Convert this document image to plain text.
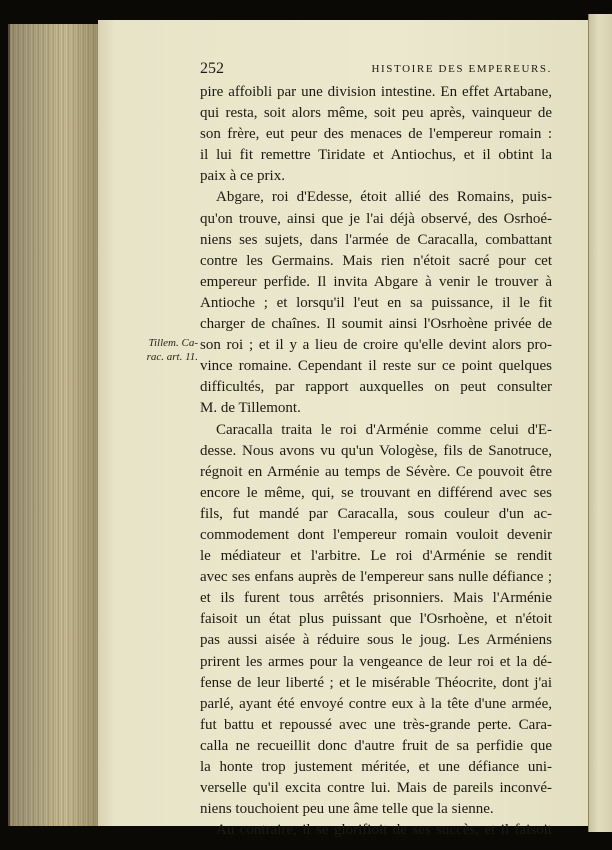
252	HISTOIRE DES EMPEREURS.
Tillem. Ca-
rac. art. 11.
pire affoibli par une division intestine. En effet Artabane,
qui resta, soit alors même, soit peu après, vainqueur de
son frère, eut peur des menaces de l'empereur romain :
il lui fit remettre Tiridate et Antiochus, et il obtint la
paix à ce prix.
Abgare, roi d'Edesse, étoit allié des Romains, puis-
qu'on trouve, ainsi que je l'ai déjà observé, des Osrhoé-
niens ses sujets, dans l'armée de Caracalla, combattant
contre les Germains. Mais rien n'étoit sacré pour cet
empereur perfide. Il invita Abgare à venir le trouver à
Antioche ; et lorsqu'il l'eut en sa puissance, il le fit
charger de chaînes. Il soumit ainsi l'Osrhoène privée de
son roi ; et il y a lieu de croire qu'elle devint alors pro-
vince romaine. Cependant il reste sur ce point quelques
difficultés, par rapport auxquelles on peut consulter
M. de Tillemont.
Caracalla traita le roi d'Arménie comme celui d'E-
desse. Nous avons vu qu'un Vologèse, fils de Sanotruce,
régnoit en Arménie au temps de Sévère. Ce pouvoit être
encore le même, qui, se trouvant en différend avec ses
fils, fut mandé par Caracalla, sous couleur d'un ac-
commodement dont l'empereur romain vouloit devenir
le médiateur et l'arbitre. Le roi d'Arménie se rendit
avec ses enfans auprès de l'empereur sans nulle défiance ;
et ils furent tous arrêtés prisonniers. Mais l'Arménie
faisoit un état plus puissant que l'Osrhoène, et n'étoit
pas aussi aisée à réduire sous le joug. Les Arméniens
prirent les armes pour la vengeance de leur roi et la dé-
fense de leur liberté ; et le misérable Théocrite, dont j'ai
parlé, ayant été envoyé contre eux à la tête d'une armée,
fut battu et repoussé avec une très-grande perte. Cara-
calla ne recueillit donc d'autre fruit de sa perfidie que
la honte trop justement méritée, et une défiance uni-
verselle qu'il excita contre lui. Mais de pareils inconvé-
niens touchoient peu une âme telle que la sienne.
Au contraire, il se glorifioit de ses succès, et il faisoit
